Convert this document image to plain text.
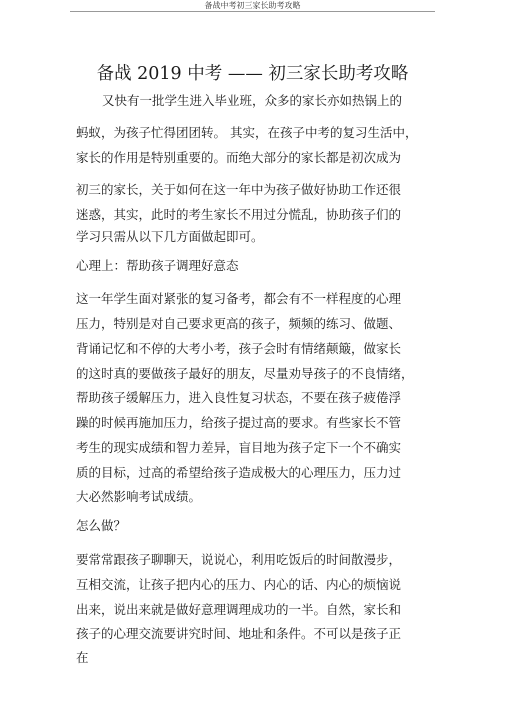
备战中考初三家长助考攻略
备战 2019 中考 —— 初三家长助考攻略
又快有一批学生进入毕业班，众多的家长亦如热锅上的
蚂蚁，为孩子忙得团团转。 其实，在孩子中考的复习生活中，
家长的作用是特别重要的。而绝大部分的家长都是初次成为
初三的家长，关于如何在这一年中为孩子做好协助工作还很
迷惑，其实，此时的考生家长不用过分慌乱，协助孩子们的
学习只需从以下几方面做起即可。
心理上：帮助孩子调理好意态
这一年学生面对紧张的复习备考，都会有不一样程度的心理
压力，特别是对自己要求更高的孩子，频频的练习、做题、
背诵记忆和不停的大考小考，孩子会时有情绪颠簸，做家长
的这时真的要做孩子最好的朋友，尽量劝导孩子的不良情绪，
帮助孩子缓解压力，进入良性复习状态，不要在孩子疲倦浮
躁的时候再施加压力，给孩子提过高的要求。有些家长不管
考生的现实成绩和智力差异，盲目地为孩子定下一个不确实
质的目标，过高的希望给孩子造成极大的心理压力，压力过
大必然影响考试成绩。
怎么做？
要常常跟孩子聊聊天，说说心，利用吃饭后的时间散漫步，
互相交流，让孩子把内心的压力、内心的话、内心的烦恼说
出来，说出来就是做好意理调理成功的一半。自然，家长和
孩子的心理交流要讲究时间、地址和条件。不可以是孩子正
在
